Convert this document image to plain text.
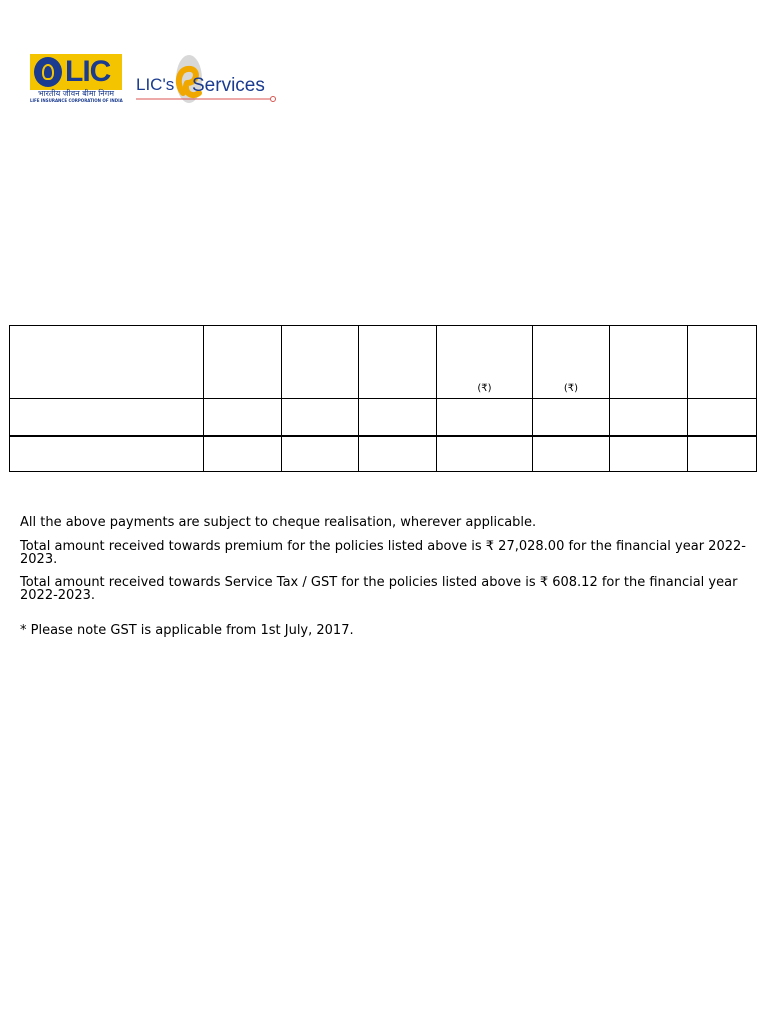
LIC
भारतीय जीवन बीमा निगम
LIFE INSURANCE CORPORATION OF INDIA
LIC's Services
				(₹)	(₹)		

All the above payments are subject to cheque realisation, wherever applicable.

Total amount received towards premium for the policies listed above is ₹ 27,028.00 for the financial year 2022-2023.

Total amount received towards Service Tax / GST for the policies listed above is ₹ 608.12 for the financial year 2022-2023.

* Please note GST is applicable from 1st July, 2017.
